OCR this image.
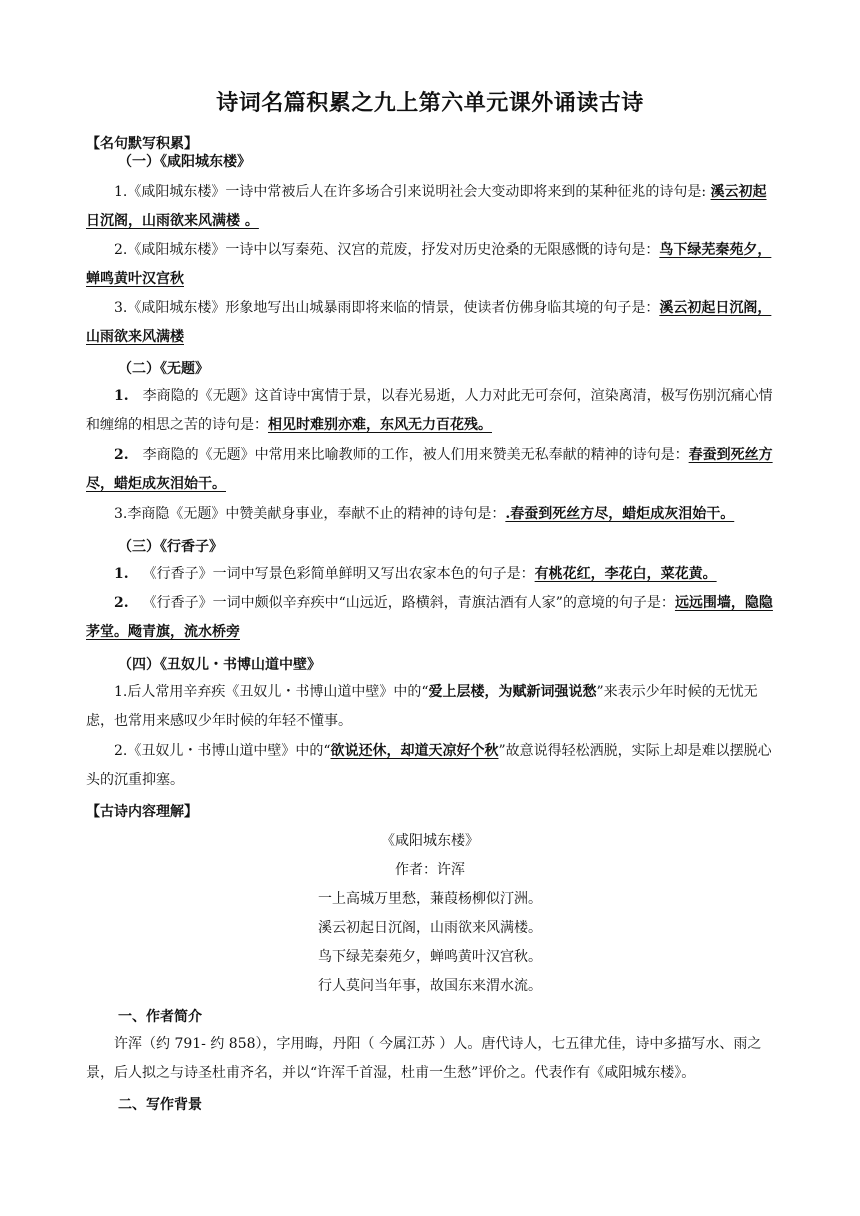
诗词名篇积累之九上第六单元课外诵读古诗
【名句默写积累】
（一）《咸阳城东楼》
1.《咸阳城东楼》一诗中常被后人在许多场合引来说明社会大变动即将来到的某种征兆的诗句是: 溪云初起日沉阁，山雨欲来风满楼 。
2.《咸阳城东楼》一诗中以写秦苑、汉宫的荒废，抒发对历史沧桑的无限感慨的诗句是：鸟下绿芜秦苑夕，蝉鸣黄叶汉宫秋
3.《咸阳城东楼》形象地写出山城暴雨即将来临的情景，使读者仿佛身临其境的句子是：溪云初起日沉阁，山雨欲来风满楼
（二）《无题》
1. 李商隐的《无题》这首诗中寓情于景，以春光易逝，人力对此无可奈何，渲染离清，极写伤别沉痛心情和缠绵的相思之苦的诗句是：相见时难别亦难，东风无力百花残。
2. 李商隐的《无题》中常用来比喻教师的工作，被人们用来赞美无私奉献的精神的诗句是：春蚕到死丝方尽，蜡炬成灰泪始干。
3.李商隐《无题》中赞美献身事业，奉献不止的精神的诗句是：.春蚕到死丝方尽，蜡炬成灰泪始干。
（三）《行香子》
1. 《行香子》一词中写景色彩简单鲜明又写出农家本色的句子是：有桃花红，李花白，菜花黄。
2. 《行香子》一词中颇似辛弃疾中“山远近，路横斜，青旗沽酒有人家”的意境的句子是：远远围墙，隐隐茅堂。飏青旗，流水桥旁
（四）《丑奴儿・书博山道中壁》
1.后人常用辛弃疾《丑奴儿・书博山道中壁》中的“爱上层楼，为赋新词强说愁”来表示少年时候的无忧无虑，也常用来感叹少年时候的年轻不懂事。
2.《丑奴儿・书博山道中壁》中的“欲说还休，却道天凉好个秋”故意说得轻松洒脱，实际上却是难以摆脱心头的沉重抑塞。
【古诗内容理解】
《咸阳城东楼》
作者：许浑
一上高城万里愁，蒹葭杨柳似汀洲。
溪云初起日沉阁，山雨欲来风满楼。
鸟下绿芜秦苑夕，蝉鸣黄叶汉宫秋。
行人莫问当年事，故国东来渭水流。
一、作者简介
许浑（约 791- 约 858），字用晦，丹阳（ 今属江苏 ）人。唐代诗人，七五律尤佳，诗中多描写水、雨之景，后人拟之与诗圣杜甫齐名，并以“许浑千首湿，杜甫一生愁”评价之。代表作有《咸阳城东楼》。
二、写作背景
